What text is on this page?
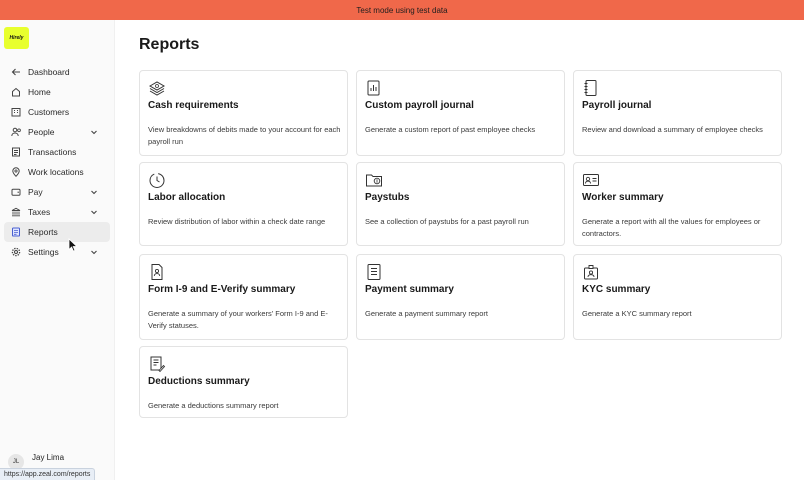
Test mode using test data
Hirely
Dashboard
Home
Customers
People
Transactions
Work locations
Pay
Taxes
Reports
Settings
JL
Jay Lima
https://app.zeal.com/reports
Reports
Cash requirements
View breakdowns of debits made to your account for each payroll run
Custom payroll journal
Generate a custom report of past employee checks
Payroll journal
Review and download a summary of employee checks
Labor allocation
Review distribution of labor within a check date range
Paystubs
See a collection of paystubs for a past payroll run
Worker summary
Generate a report with all the values for employees or contractors.
Form I-9 and E-Verify summary
Generate a summary of your workers' Form I-9 and E-Verify statuses.
Payment summary
Generate a payment summary report
KYC summary
Generate a KYC summary report
Deductions summary
Generate a deductions summary report
